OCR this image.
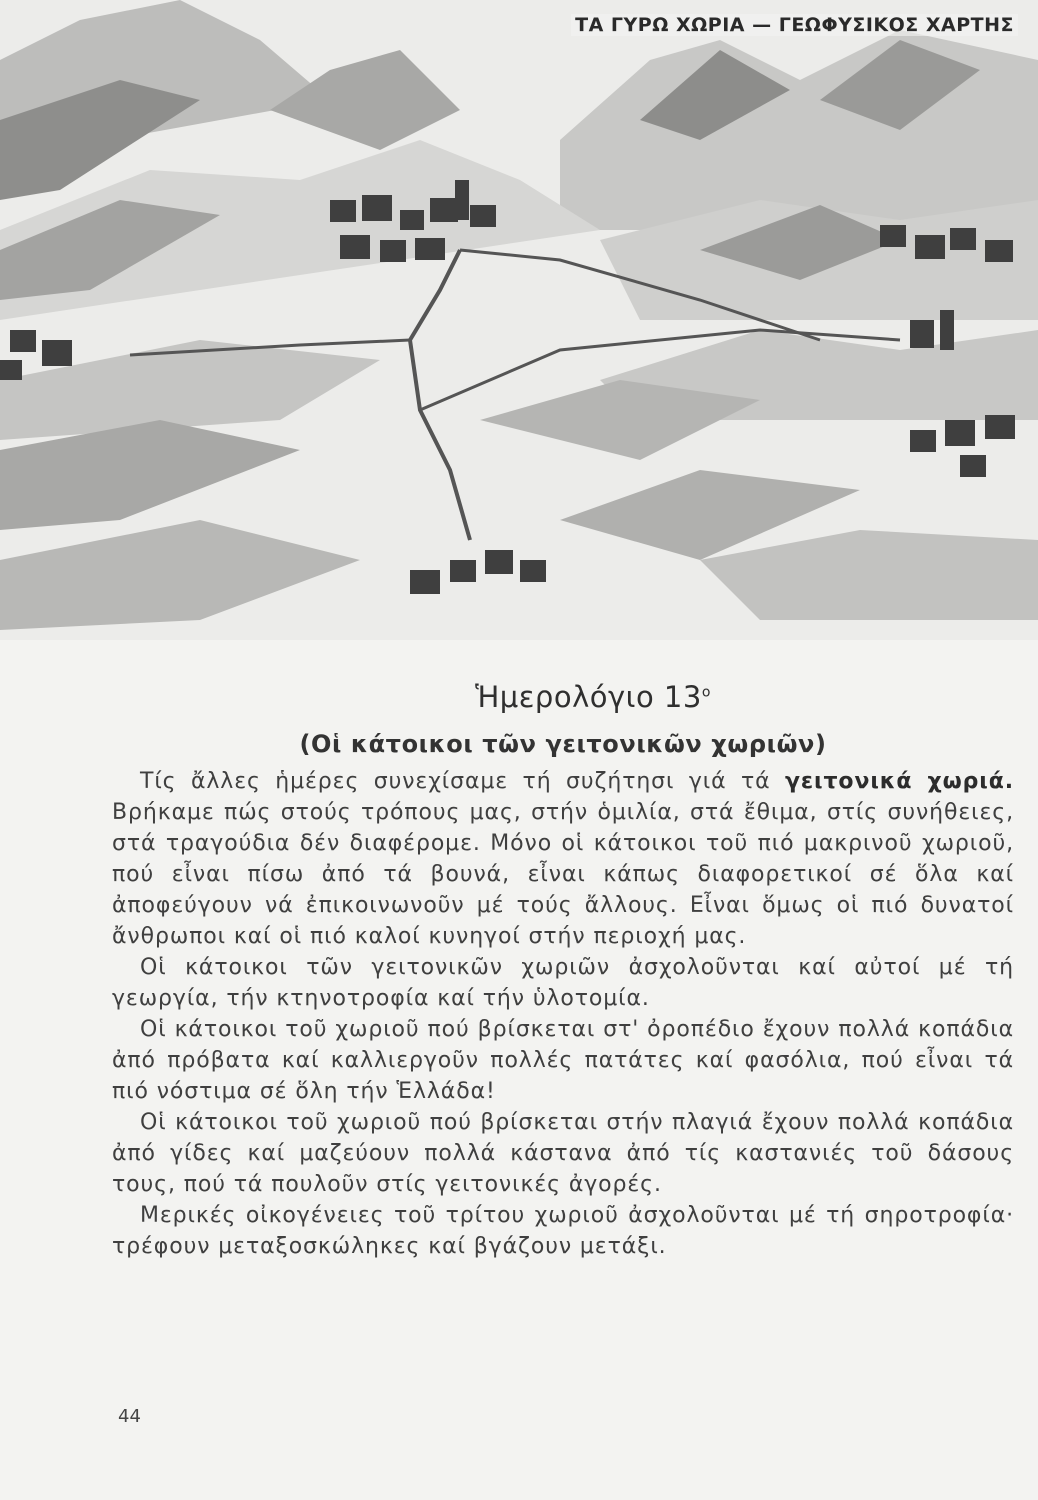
ΤΑ ΓΥΡΩ ΧΩΡΙΑ — ΓΕΩΦΥΣΙΚΟΣ ΧΑΡΤΗΣ
Ἡμερολόγιο $13^o$
(Οἱ κάτοικοι τῶν γειτονικῶν χωριῶν)

Τίς ἄλλες ἡμέρες συνεχίσαμε τή συζήτησι γιά τά γειτονικά χωριά. Βρήκαμε πώς στούς τρόπους μας, στήν ὁμιλία, στά ἔθιμα, στίς συνήθειες, στά τραγούδια δέν διαφέρομε. Μόνο οἱ κάτοικοι τοῦ πιό μακρινοῦ χωριοῦ, πού εἶναι πίσω ἀπό τά βουνά, εἶναι κάπως διαφορετικοί σέ ὅλα καί ἀποφεύγουν νά ἐπικοινωνοῦν μέ τούς ἄλλους. Εἶναι ὅμως οἱ πιό δυνατοί ἄνθρωποι καί οἱ πιό καλοί κυνηγοί στήν περιοχή μας.

Οἱ κάτοικοι τῶν γειτονικῶν χωριῶν ἀσχολοῦνται καί αὐτοί μέ τή γεωργία, τήν κτηνοτροφία καί τήν ὑλοτομία.

Οἱ κάτοικοι τοῦ χωριοῦ πού βρίσκεται στ' ὀροπέδιο ἔχουν πολλά κοπάδια ἀπό πρόβατα καί καλλιεργοῦν πολλές πατάτες καί φασόλια, πού εἶναι τά πιό νόστιμα σέ ὅλη τήν Ἑλλάδα!

Οἱ κάτοικοι τοῦ χωριοῦ πού βρίσκεται στήν πλαγιά ἔχουν πολλά κοπάδια ἀπό γίδες καί μαζεύουν πολλά κάστανα ἀπό τίς καστανιές τοῦ δάσους τους, πού τά πουλοῦν στίς γειτονικές ἀγορές.

Μερικές οἰκογένειες τοῦ τρίτου χωριοῦ ἀσχολοῦνται μέ τή σηροτροφία· τρέφουν μεταξοσκώληκες καί βγάζουν μετάξι.

44
